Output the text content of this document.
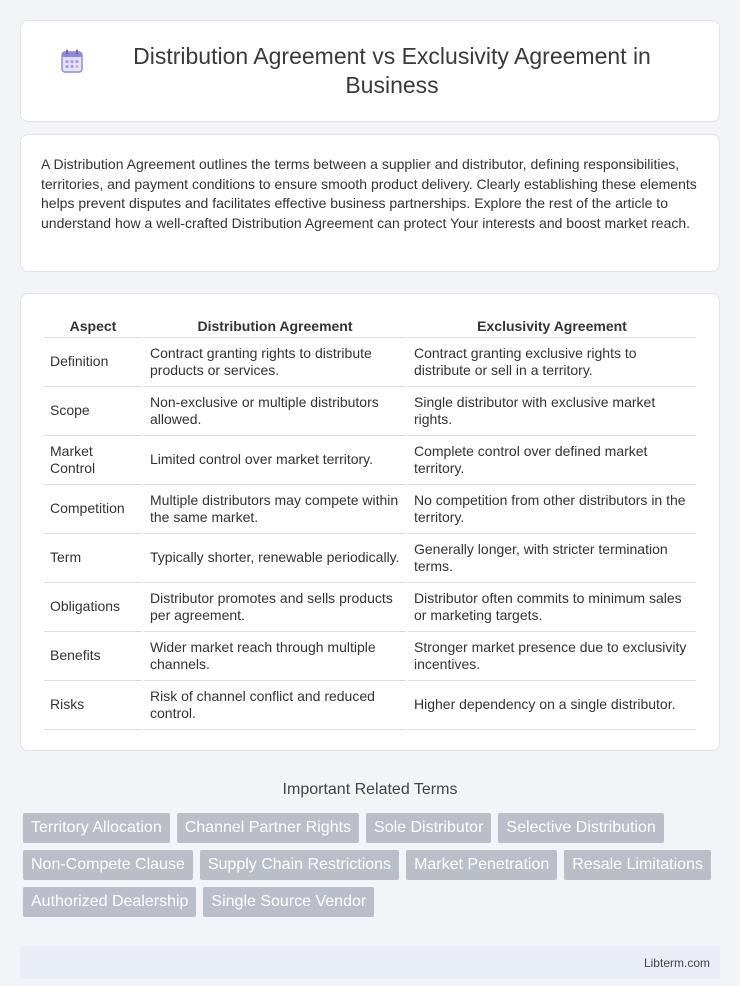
Distribution Agreement vs Exclusivity Agreement in Business

A Distribution Agreement outlines the terms between a supplier and distributor, defining responsibilities, territories, and payment conditions to ensure smooth product delivery. Clearly establishing these elements helps prevent disputes and facilitates effective business partnerships. Explore the rest of the article to understand how a well-crafted Distribution Agreement can protect Your interests and boost market reach.

Aspect	Distribution Agreement	Exclusivity Agreement
Definition	Contract granting rights to distribute products or services.	Contract granting exclusive rights to distribute or sell in a territory.
Scope	Non-exclusive or multiple distributors allowed.	Single distributor with exclusive market rights.
Market Control	Limited control over market territory.	Complete control over defined market territory.
Competition	Multiple distributors may compete within the same market.	No competition from other distributors in the territory.
Term	Typically shorter, renewable periodically.	Generally longer, with stricter termination terms.
Obligations	Distributor promotes and sells products per agreement.	Distributor often commits to minimum sales or marketing targets.
Benefits	Wider market reach through multiple channels.	Stronger market presence due to exclusivity incentives.
Risks	Risk of channel conflict and reduced control.	Higher dependency on a single distributor.
Important Related Terms
Territory Allocation	Channel Partner Rights	Sole Distributor	Selective Distribution
Non-Compete Clause	Supply Chain Restrictions	Market Penetration	Resale Limitations
Authorized Dealership	Single Source Vendor
Libterm.com
